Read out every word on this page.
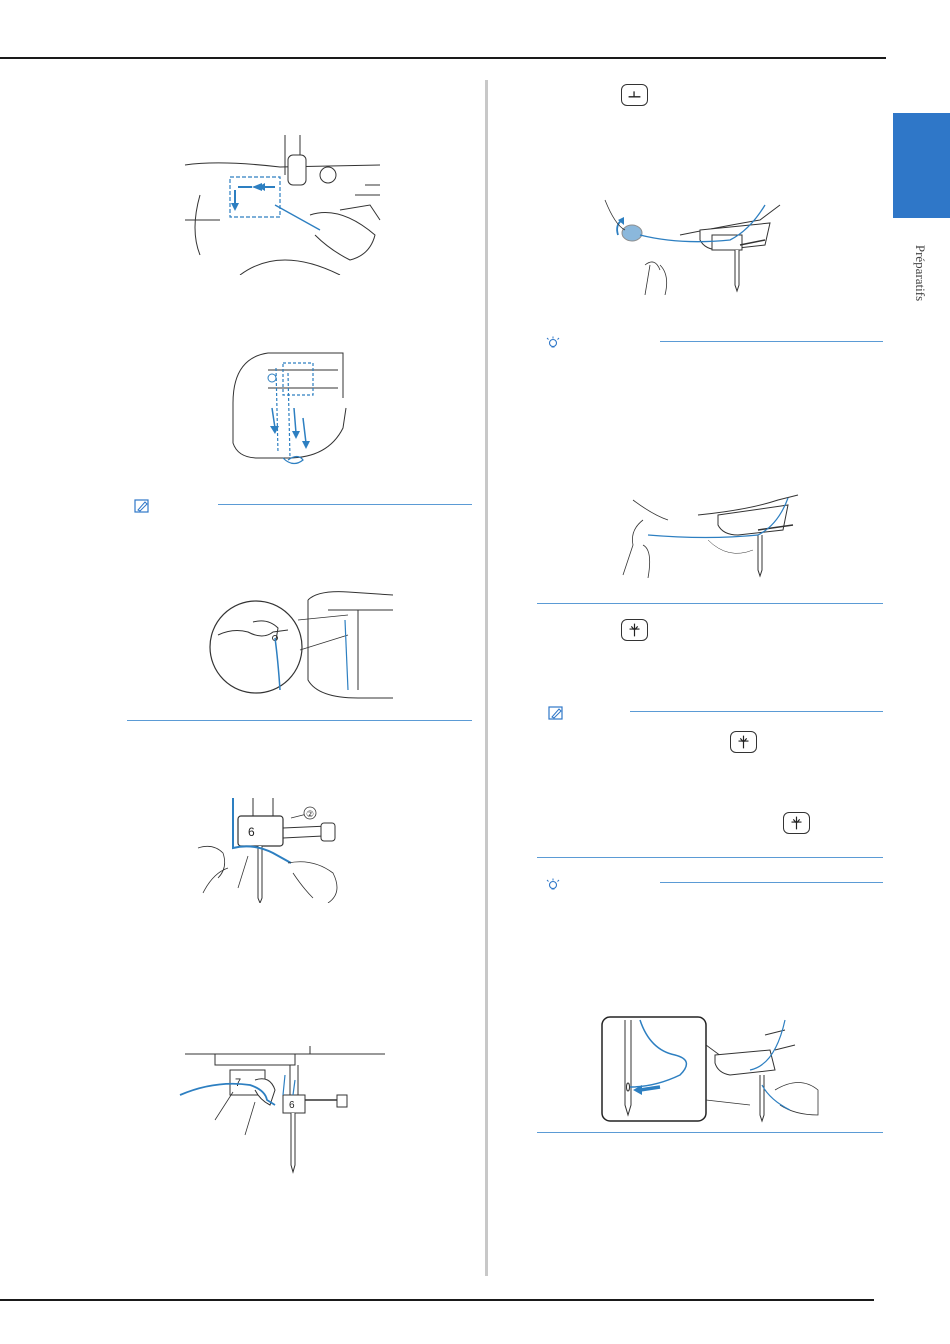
Préparatifs
6
②
7
6
